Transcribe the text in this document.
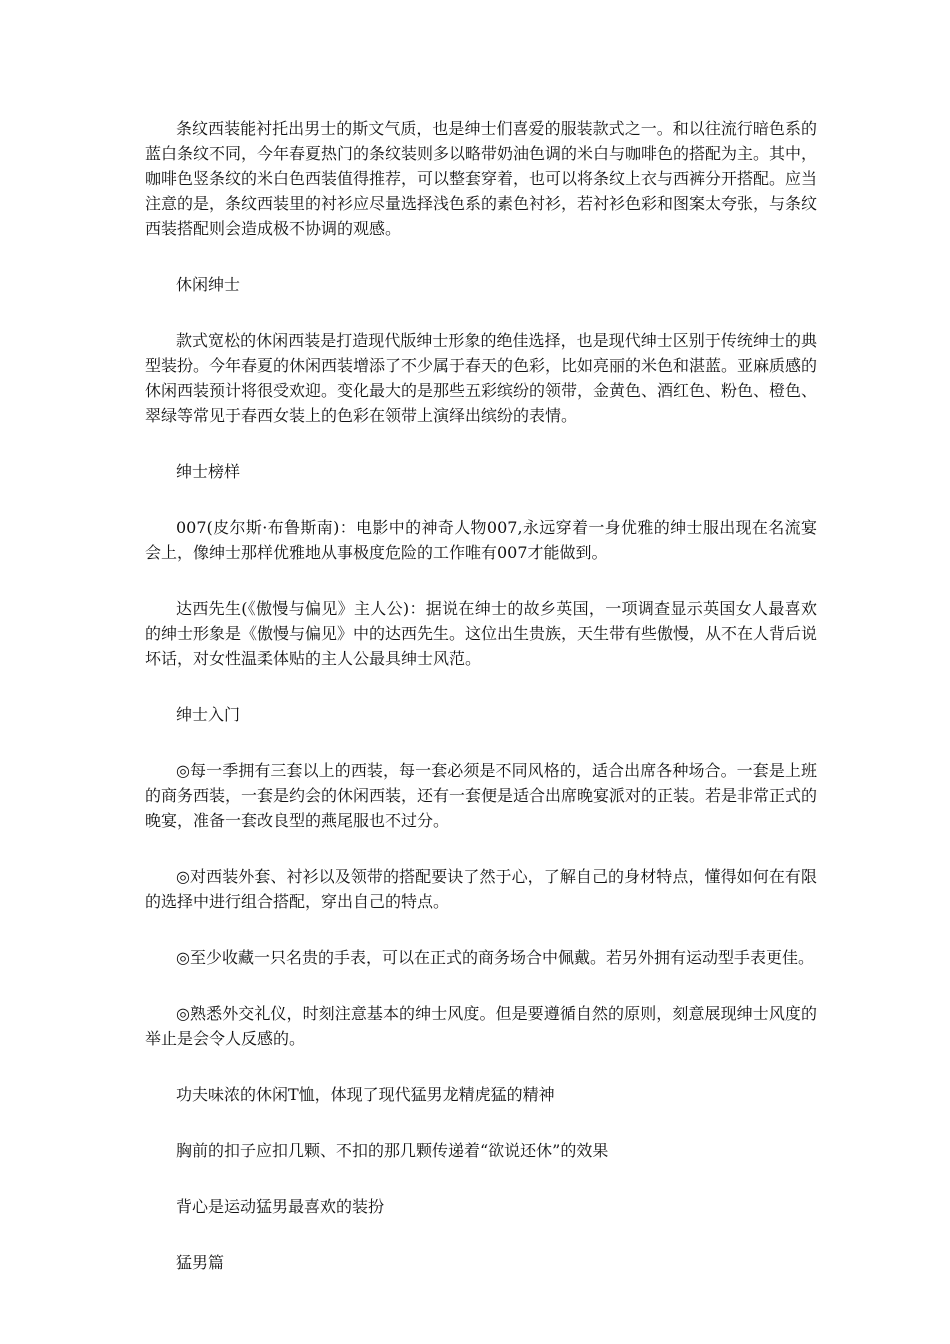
条纹西装能衬托出男士的斯文气质，也是绅士们喜爱的服装款式之一。和以往流行暗色系的蓝白条纹不同，今年春夏热门的条纹装则多以略带奶油色调的米白与咖啡色的搭配为主。其中，咖啡色竖条纹的米白色西装值得推荐，可以整套穿着，也可以将条纹上衣与西裤分开搭配。应当注意的是，条纹西装里的衬衫应尽量选择浅色系的素色衬衫，若衬衫色彩和图案太夸张，与条纹西装搭配则会造成极不协调的观感。

休闲绅士

款式宽松的休闲西装是打造现代版绅士形象的绝佳选择，也是现代绅士区别于传统绅士的典型装扮。今年春夏的休闲西装增添了不少属于春天的色彩，比如亮丽的米色和湛蓝。亚麻质感的休闲西装预计将很受欢迎。变化最大的是那些五彩缤纷的领带，金黄色、酒红色、粉色、橙色、翠绿等常见于春西女装上的色彩在领带上演绎出缤纷的表情。

绅士榜样

007(皮尔斯·布鲁斯南)：电影中的神奇人物007,永远穿着一身优雅的绅士服出现在名流宴会上，像绅士那样优雅地从事极度危险的工作唯有007才能做到。

达西先生(《傲慢与偏见》主人公)：据说在绅士的故乡英国，一项调查显示英国女人最喜欢的绅士形象是《傲慢与偏见》中的达西先生。这位出生贵族，天生带有些傲慢，从不在人背后说坏话，对女性温柔体贴的主人公最具绅士风范。

绅士入门

◎每一季拥有三套以上的西装，每一套必须是不同风格的，适合出席各种场合。一套是上班的商务西装，一套是约会的休闲西装，还有一套便是适合出席晚宴派对的正装。若是非常正式的晚宴，准备一套改良型的燕尾服也不过分。

◎对西装外套、衬衫以及领带的搭配要诀了然于心，了解自己的身材特点，懂得如何在有限的选择中进行组合搭配，穿出自己的特点。

◎至少收藏一只名贵的手表，可以在正式的商务场合中佩戴。若另外拥有运动型手表更佳。

◎熟悉外交礼仪，时刻注意基本的绅士风度。但是要遵循自然的原则，刻意展现绅士风度的举止是会令人反感的。

功夫味浓的休闲T恤，体现了现代猛男龙精虎猛的精神

胸前的扣子应扣几颗、不扣的那几颗传递着“欲说还休”的效果

背心是运动猛男最喜欢的装扮

猛男篇
